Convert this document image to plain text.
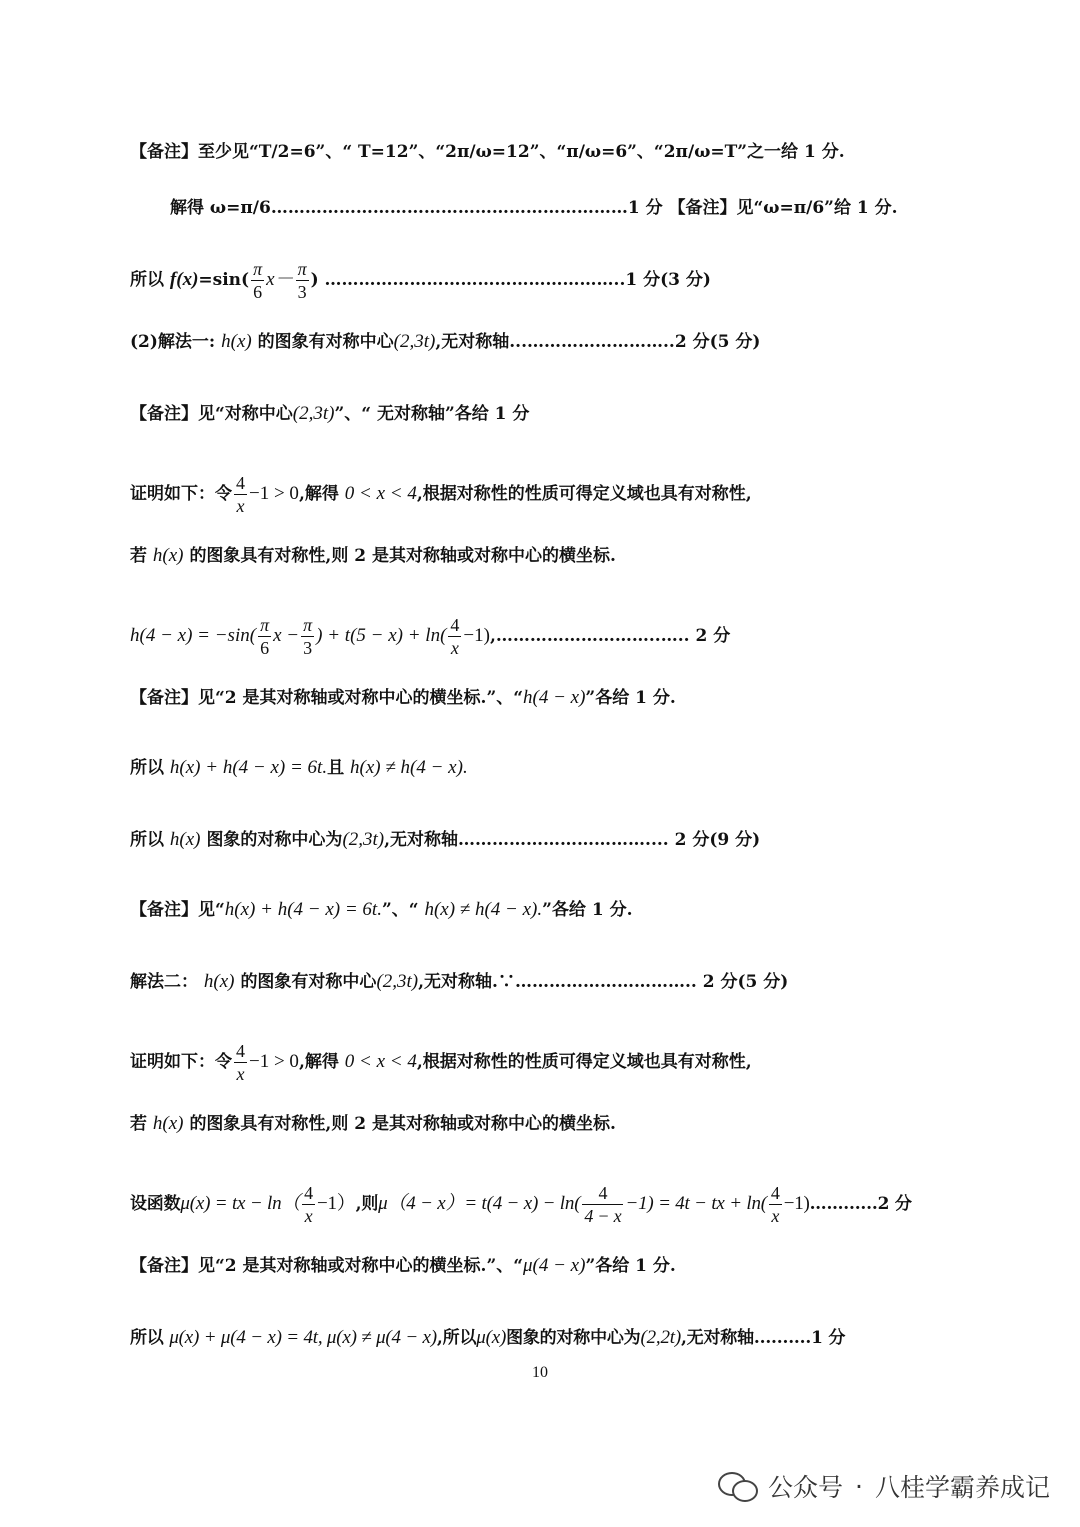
【备注】至少见“T/2=6”、“ T=12”、“2π/ω=12”、“π/ω=6”、“2π/ω=T”之一给 1 分.
解得 ω=π/6………………………………………………………1 分 【备注】见“ω=π/6”给 1 分.
所以 $f(x)=\sin( \frac{\pi}{6} x- \frac{\pi}{3}$ ) ……………………………………………..1 分(3 分)
(2)解法一: h(x) 的图象有对称中心(2,3t),无对称轴...……………………..2 分(5 分)
【备注】见“对称中心(2,3t)”、“ 无对称轴”各给 1 分
证明如下：令 $\frac{4}{x} -1 > 0$,解得 0 < x < 4,根据对称性的性质可得定义域也具有对称性,
若 h(x) 的图象具有对称性,则 2 是其对称轴或对称中心的横坐标.
$h(4 - x) = -\sin( \frac{\pi}{6}$ $x - \frac{\pi}{3}$ ) + $t(5 - x) + \ln( \frac{4}{x}$ −1),………………………..….. 2 分
【备注】见“2 是其对称轴或对称中心的横坐标.”、“h(4 − x)”各给 1 分.
所以 h(x) + h(4 − x) = 6t.且 h(x) ≠ h(4 − x).
所以 h(x) 图象的对称中心为(2,3t),无对称轴…………………………….... 2 分(9 分)
【备注】见“h(x) + h(4 − x) = 6t.”、“ h(x) ≠ h(4 − x).”各给 1 分.
解法二： h(x) 的图象有对称中心(2,3t),无对称轴.∵………………………….. 2 分(5 分)
证明如下：令 $\frac{4}{x} -1 > 0$,解得 0 < x < 4,根据对称性的性质可得定义域也具有对称性,
若 h(x) 的图象具有对称性,则 2 是其对称轴或对称中心的横坐标.
设函数μ(x) = tx − $\ln( \frac{4}{x} -1)$,则$\mu(4 - x)= t(4 - x) - \ln( \frac{4}{4 - x} -1) = 4t$ − tx + $\ln( \frac{4}{x}$ −1)……......2 分
【备注】见“2 是其对称轴或对称中心的横坐标.”、“μ(4 − x)”各给 1 分.
所以 μ(x) + μ(4 − x) = 4t, μ(x) ≠ μ(4 − x),所以μ(x)图象的对称中心为(2,2t),无对称轴..........1 分
10
公众号 · 八桂学霸养成记
